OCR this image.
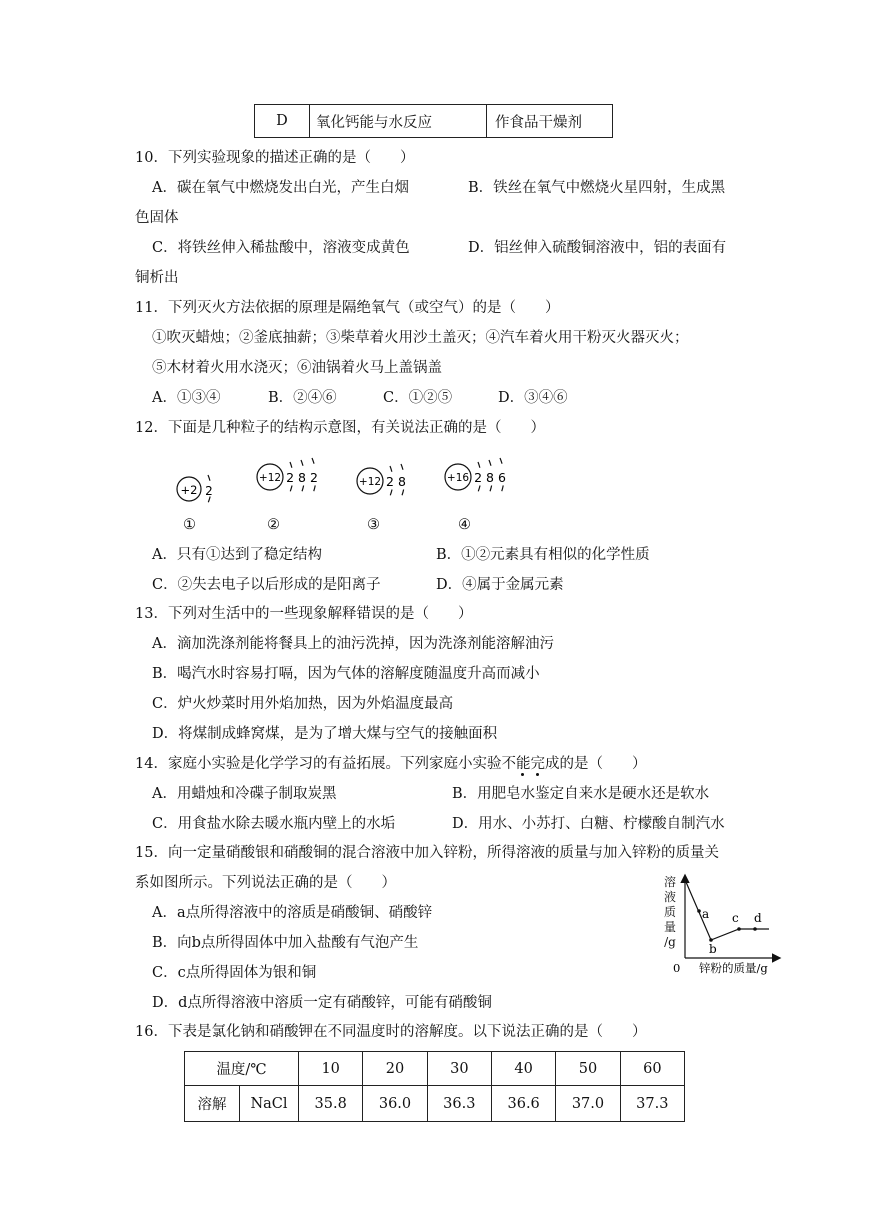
D	氧化钙能与水反应	作食品干燥剂
10．下列实验现象的描述正确的是（　　）
A．碳在氧气中燃烧发出白光，产生白烟	B．铁丝在氧气中燃烧火星四射，生成黑
色固体
C．将铁丝伸入稀盐酸中，溶液变成黄色	D．铝丝伸入硫酸铜溶液中，铝的表面有
铜析出
11．下列灭火方法依据的原理是隔绝氧气（或空气）的是（　　）
①吹灭蜡烛；②釜底抽薪；③柴草着火用沙土盖灭；④汽车着火用干粉灭火器灭火；
⑤木材着火用水浇灭；⑥油锅着火马上盖锅盖
A．①③④	B．②④⑥	C．①②⑤	D．③④⑥
12．下面是几种粒子的结构示意图，有关说法正确的是（　　）
+2 2
+12 2 8 2	+12 2 8	+16 2 8 6
①	②	③	④
A．只有①达到了稳定结构	B．①②元素具有相似的化学性质
C．②失去电子以后形成的是阳离子	D．④属于金属元素
13．下列对生活中的一些现象解释错误的是（　　）
A．滴加洗涤剂能将餐具上的油污洗掉，因为洗涤剂能溶解油污
B．喝汽水时容易打嗝，因为气体的溶解度随温度升高而减小
C．炉火炒菜时用外焰加热，因为外焰温度最高
D．将煤制成蜂窝煤，是为了增大煤与空气的接触面积
14．家庭小实验是化学学习的有益拓展。下列家庭小实验不能完成的是（　　）
A．用蜡烛和冷碟子制取炭黑	B．用肥皂水鉴定自来水是硬水还是软水
C．用食盐水除去暖水瓶内壁上的水垢	D．用水、小苏打、白糖、柠檬酸自制汽水
15．向一定量硝酸银和硝酸铜的混合溶液中加入锌粉，所得溶液的质量与加入锌粉的质量关
系如图所示。下列说法正确的是（　　）
A．a点所得溶液中的溶质是硝酸铜、硝酸锌
B．向b点所得固体中加入盐酸有气泡产生
C．c点所得固体为银和铜
D．d点所得溶液中溶质一定有硝酸锌，可能有硝酸铜
a
b
c d
0 锌粉的质量/g
溶
液
质
量
/g
16．下表是氯化钠和硝酸钾在不同温度时的溶解度。以下说法正确的是（　　）
温度/℃		10	20	30	40	50	60
溶解	NaCl	35.8	36.0	36.3	36.6	37.0	37.3
